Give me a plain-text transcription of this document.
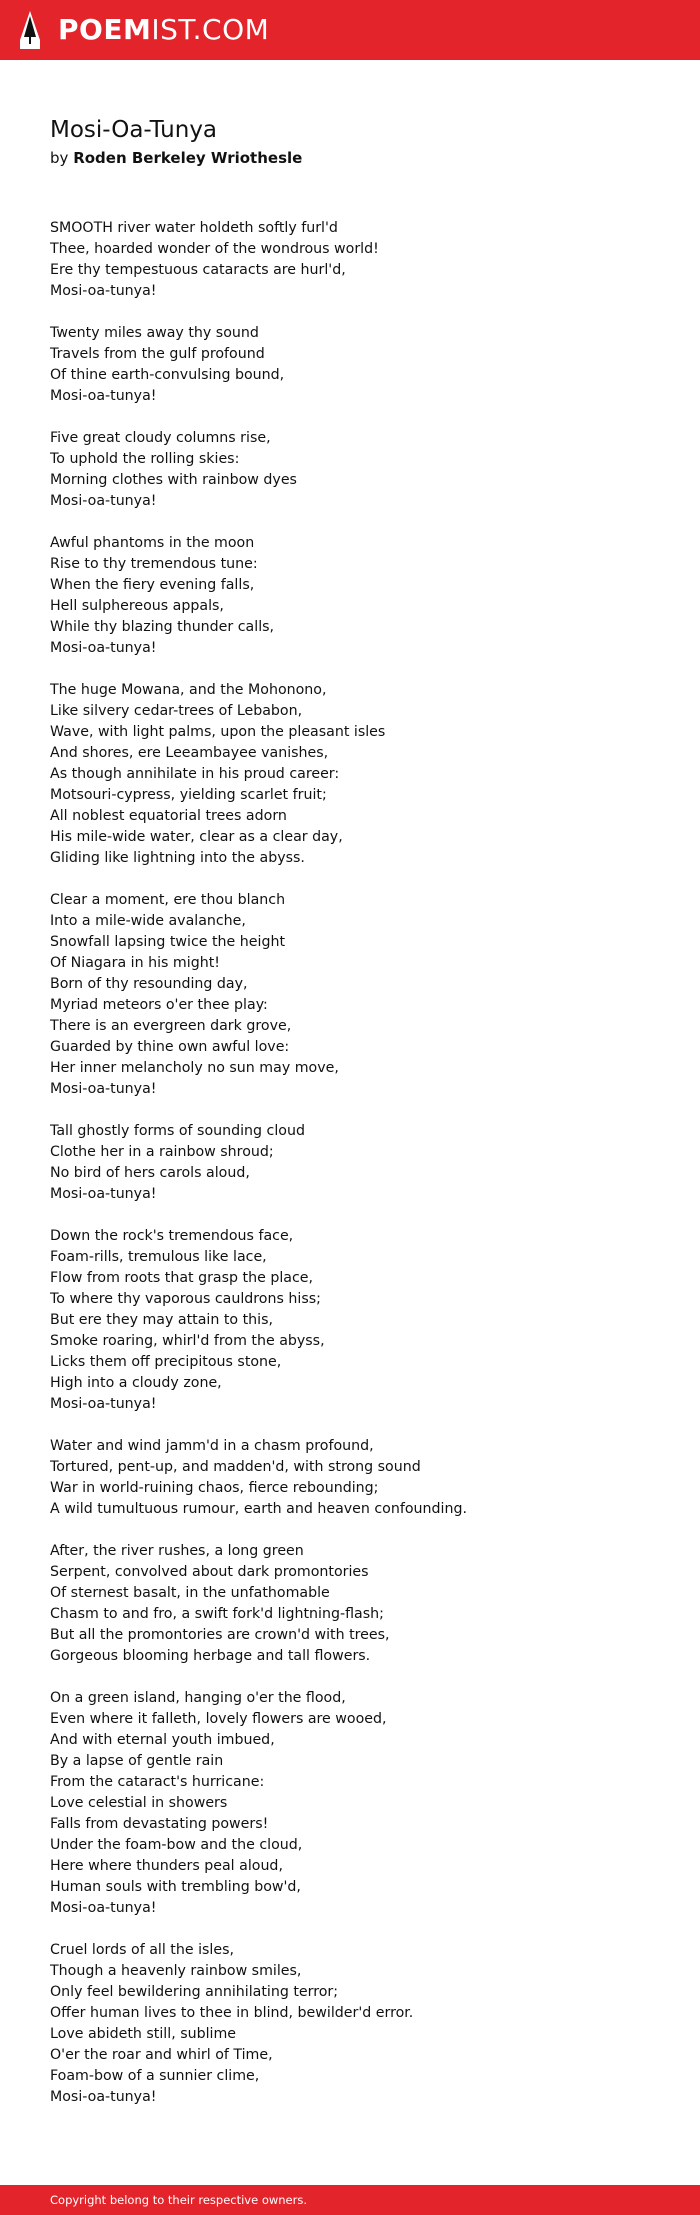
POEMIST.COM
Mosi-Oa-Tunya
by Roden Berkeley Wriothesle
SMOOTH river water holdeth softly furl'd
Thee, hoarded wonder of the wondrous world!
Ere thy tempestuous cataracts are hurl'd,
Mosi-oa-tunya!
Twenty miles away thy sound
Travels from the gulf profound
Of thine earth-convulsing bound,
Mosi-oa-tunya!
Five great cloudy columns rise,
To uphold the rolling skies:
Morning clothes with rainbow dyes
Mosi-oa-tunya!
Awful phantoms in the moon
Rise to thy tremendous tune:
When the fiery evening falls,
Hell sulphereous appals,
While thy blazing thunder calls,
Mosi-oa-tunya!
The huge Mowana, and the Mohonono,
Like silvery cedar-trees of Lebabon,
Wave, with light palms, upon the pleasant isles
And shores, ere Leeambayee vanishes,
As though annihilate in his proud career:
Motsouri-cypress, yielding scarlet fruit;
All noblest equatorial trees adorn
His mile-wide water, clear as a clear day,
Gliding like lightning into the abyss.
Clear a moment, ere thou blanch
Into a mile-wide avalanche,
Snowfall lapsing twice the height
Of Niagara in his might!
Born of thy resounding day,
Myriad meteors o'er thee play:
There is an evergreen dark grove,
Guarded by thine own awful love:
Her inner melancholy no sun may move,
Mosi-oa-tunya!
Tall ghostly forms of sounding cloud
Clothe her in a rainbow shroud;
No bird of hers carols aloud,
Mosi-oa-tunya!
Down the rock's tremendous face,
Foam-rills, tremulous like lace,
Flow from roots that grasp the place,
To where thy vaporous cauldrons hiss;
But ere they may attain to this,
Smoke roaring, whirl'd from the abyss,
Licks them off precipitous stone,
High into a cloudy zone,
Mosi-oa-tunya!
Water and wind jamm'd in a chasm profound,
Tortured, pent-up, and madden'd, with strong sound
War in world-ruining chaos, fierce rebounding;
A wild tumultuous rumour, earth and heaven confounding.
After, the river rushes, a long green
Serpent, convolved about dark promontories
Of sternest basalt, in the unfathomable
Chasm to and fro, a swift fork'd lightning-flash;
But all the promontories are crown'd with trees,
Gorgeous blooming herbage and tall flowers.
On a green island, hanging o'er the flood,
Even where it falleth, lovely flowers are wooed,
And with eternal youth imbued,
By a lapse of gentle rain
From the cataract's hurricane:
Love celestial in showers
Falls from devastating powers!
Under the foam-bow and the cloud,
Here where thunders peal aloud,
Human souls with trembling bow'd,
Mosi-oa-tunya!
Cruel lords of all the isles,
Though a heavenly rainbow smiles,
Only feel bewildering annihilating terror;
Offer human lives to thee in blind, bewilder'd error.
Love abideth still, sublime
O'er the roar and whirl of Time,
Foam-bow of a sunnier clime,
Mosi-oa-tunya!
Copyright belong to their respective owners.
